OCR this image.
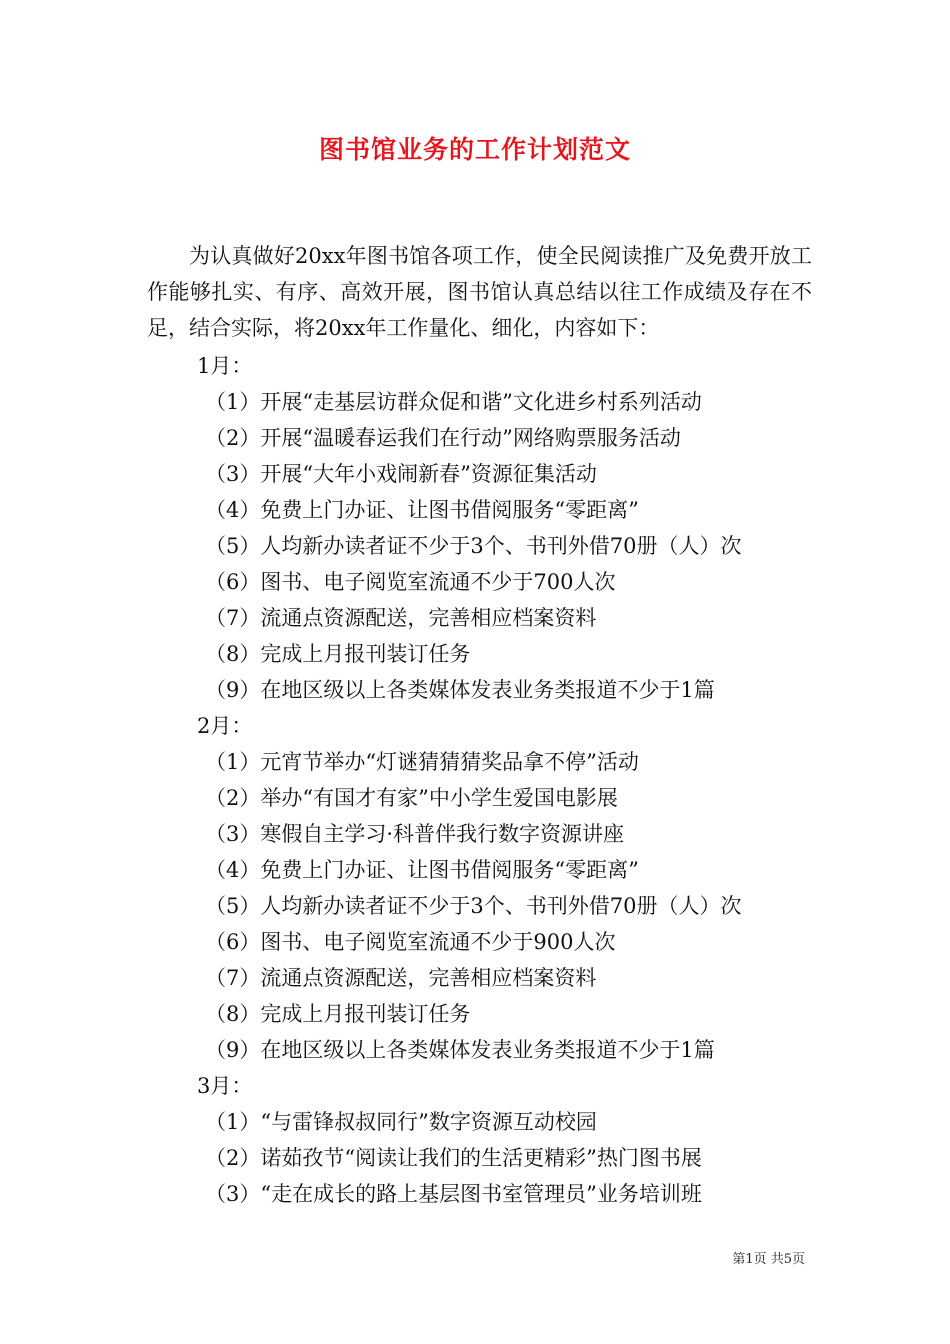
图书馆业务的工作计划范文
为认真做好20xx年图书馆各项工作，使全民阅读推广及免费开放工作能够扎实、有序、高效开展，图书馆认真总结以往工作成绩及存在不足，结合实际，将20xx年工作量化、细化，内容如下：
1月：
（1）开展“走基层访群众促和谐”文化进乡村系列活动
（2）开展“温暖春运我们在行动”网络购票服务活动
（3）开展“大年小戏闹新春”资源征集活动
（4）免费上门办证、让图书借阅服务“零距离”
（5）人均新办读者证不少于3个、书刊外借70册（人）次
（6）图书、电子阅览室流通不少于700人次
（7）流通点资源配送，完善相应档案资料
（8）完成上月报刊装订任务
（9）在地区级以上各类媒体发表业务类报道不少于1篇
2月：
（1）元宵节举办“灯谜猜猜猜奖品拿不停”活动
（2）举办“有国才有家”中小学生爱国电影展
（3）寒假自主学习·科普伴我行数字资源讲座
（4）免费上门办证、让图书借阅服务“零距离”
（5）人均新办读者证不少于3个、书刊外借70册（人）次
（6）图书、电子阅览室流通不少于900人次
（7）流通点资源配送，完善相应档案资料
（8）完成上月报刊装订任务
（9）在地区级以上各类媒体发表业务类报道不少于1篇
3月：
（1）“与雷锋叔叔同行”数字资源互动校园
（2）诺茹孜节“阅读让我们的生活更精彩”热门图书展
（3）“走在成长的路上基层图书室管理员”业务培训班
第1页 共5页
